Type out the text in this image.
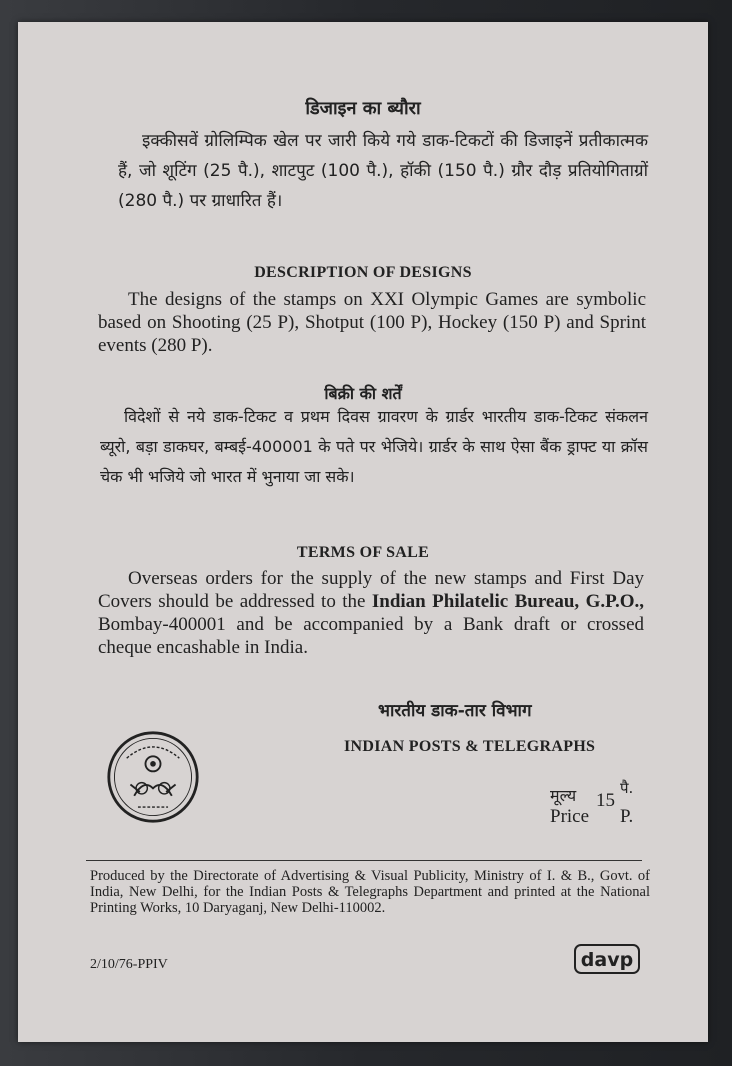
डिजाइन का ब्यौरा
इक्कीसवें ग्रोलिम्पिक खेल पर जारी किये गये डाक-टिकटों की डिजाइनें प्रतीकात्मक हैं, जो शूटिंग (25 पै.), शाटपुट (100 पै.), हॉकी (150 पै.) ग्रौर दौड़ प्रतियोगिताग्रों (280 पै.) पर ग्राधारित हैं।
DESCRIPTION OF DESIGNS
The designs of the stamps on XXI Olympic Games are symbolic based on Shooting (25 P), Shotput (100 P), Hockey (150 P) and Sprint events (280 P).
बिक्री की शर्तें
विदेशों से नये डाक-टिकट व प्रथम दिवस ग्रावरण के ग्रार्डर भारतीय डाक-टिकट संकलन ब्यूरो, बड़ा डाकघर, बम्बई-400001 के पते पर भेजिये। ग्रार्डर के साथ ऐसा बैंक ड्राफ्ट या क्रॉस चेक भी भजिये जो भारत में भुनाया जा सके।
TERMS OF SALE
Overseas orders for the supply of the new stamps and First Day Covers should be addressed to the Indian Philatelic Bureau, G.P.O., Bombay-400001 and be accompanied by a Bank draft or crossed cheque encashable in India.
भारतीय डाक-तार विभाग
INDIAN POSTS & TELEGRAPHS
मूल्य
Price
15
पै.
P.
Produced by the Directorate of Advertising & Visual Publicity, Ministry of I. & B., Govt. of India, New Delhi, for the Indian Posts & Telegraphs Department and printed at the National Printing Works, 10 Daryaganj, New Delhi-110002.
2/10/76-PPIV	davp
